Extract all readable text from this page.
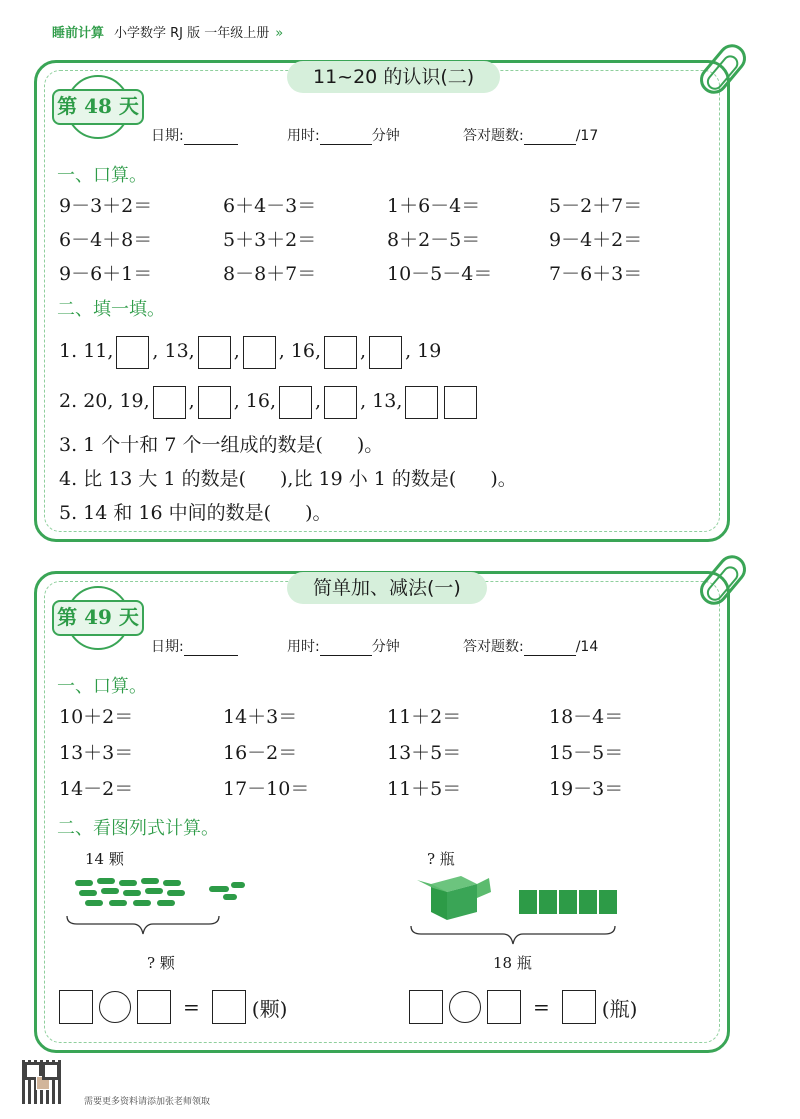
睡前计算 小学数学 RJ 版 一年级上册 »
11~20 的认识(二)
第 48 天
日期:	用时:	分钟	答对题数:	/17
一、口算。
9－3＋2＝	6＋4－3＝	1＋6－4＝	5－2＋7＝
6－4＋8＝	5＋3＋2＝	8＋2－5＝	9－4＋2＝
9－6＋1＝	8－8＋7＝	10－5－4＝	7－6＋3＝
二、填一填。
1. 11, , 13, , , 16, , , 19
2. 20, 19, , , 16, , , 13,
3. 1 个十和 7 个一组成的数是( )。
4. 比 13 大 1 的数是( ),比 19 小 1 的数是( )。
5. 14 和 16 中间的数是( )。
简单加、减法(一)
第 49 天
日期:	用时:	分钟	答对题数:	/14
一、口算。
10＋2＝	14＋3＝	11＋2＝	18－4＝
13＋3＝	16－2＝	13＋5＝	15－5＝
14－2＝	17－10＝	11＋5＝	19－3＝
二、看图列式计算。
14 颗
? 颗
=	(颗)
? 瓶
18 瓶
=	(瓶)
需要更多资料请添加张老师领取
